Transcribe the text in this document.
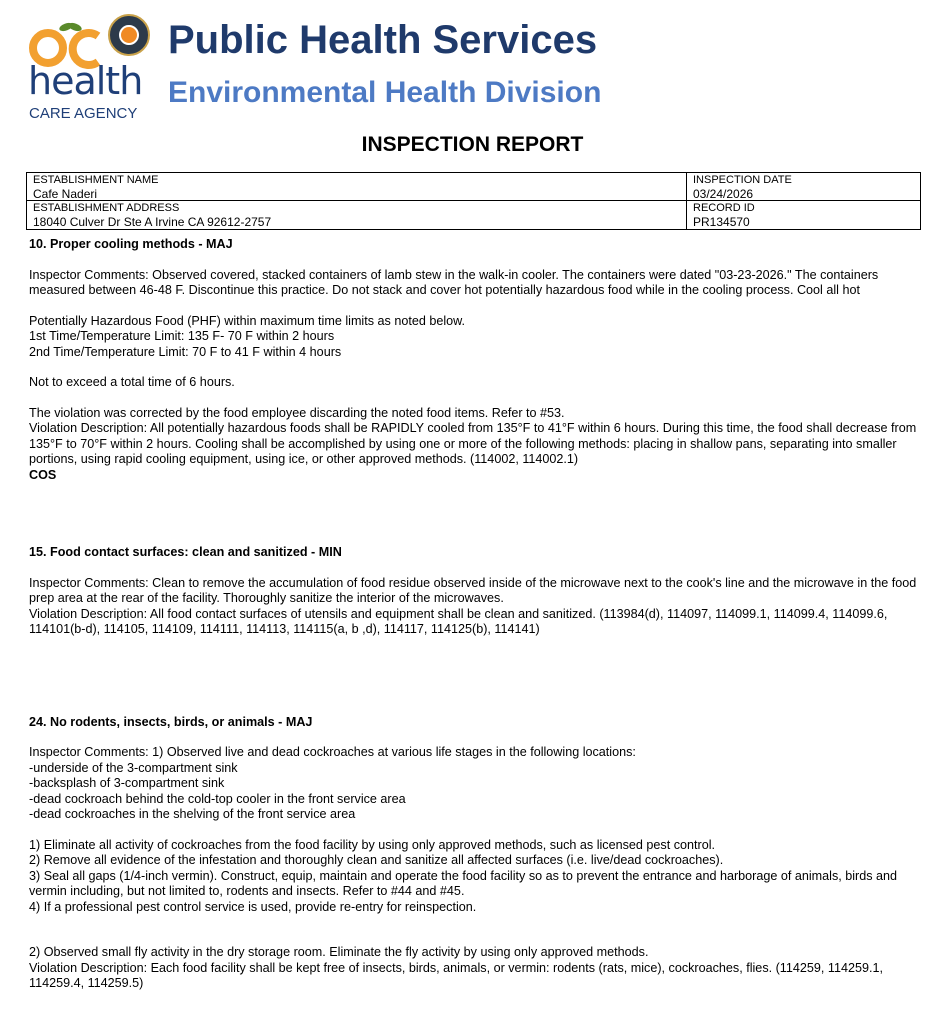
health
CARE AGENCY
Public Health Services
Environmental Health Division
INSPECTION REPORT
ESTABLISHMENT NAME
Cafe Naderi
INSPECTION DATE
03/24/2026
ESTABLISHMENT ADDRESS
18040 Culver Dr Ste A Irvine CA 92612-2757
RECORD ID
PR134570
10. Proper cooling methods - MAJ
Inspector Comments: Observed covered, stacked containers of lamb stew in the walk-in cooler. The containers were dated "03-23-2026." The containers measured between 46-48 F. Discontinue this practice. Do not stack and cover hot potentially hazardous food while in the cooling process. Cool all hot
Potentially Hazardous Food (PHF) within maximum time limits as noted below.
1st Time/Temperature Limit: 135 F- 70 F within 2 hours
2nd Time/Temperature Limit: 70 F to 41 F within 4 hours
Not to exceed a total time of 6 hours.
The violation was corrected by the food employee discarding the noted food items. Refer to #53.
Violation Description: All potentially hazardous foods shall be RAPIDLY cooled from 135°F to 41°F within 6 hours. During this time, the food shall decrease from 135°F to 70°F within 2 hours. Cooling shall be accomplished by using one or more of the following methods: placing in shallow pans, separating into smaller portions, using rapid cooling equipment, using ice, or other approved methods. (114002, 114002.1)
COS
15. Food contact surfaces: clean and sanitized - MIN
Inspector Comments: Clean to remove the accumulation of food residue observed inside of the microwave next to the cook's line and the microwave in the food prep area at the rear of the facility. Thoroughly sanitize the interior of the microwaves.
Violation Description: All food contact surfaces of utensils and equipment shall be clean and sanitized. (113984(d), 114097, 114099.1, 114099.4, 114099.6, 114101(b-d), 114105, 114109, 114111, 114113, 114115(a, b ,d), 114117, 114125(b), 114141)
24. No rodents, insects, birds, or animals - MAJ
Inspector Comments: 1) Observed live and dead cockroaches at various life stages in the following locations:
-underside of the 3-compartment sink
-backsplash of 3-compartment sink
-dead cockroach behind the cold-top cooler in the front service area
-dead cockroaches in the shelving of the front service area
1) Eliminate all activity of cockroaches from the food facility by using only approved methods, such as licensed pest control.
2) Remove all evidence of the infestation and thoroughly clean and sanitize all affected surfaces (i.e. live/dead cockroaches).
3) Seal all gaps (1/4-inch vermin). Construct, equip, maintain and operate the food facility so as to prevent the entrance and harborage of animals, birds and vermin including, but not limited to, rodents and insects. Refer to #44 and #45.
4) If a professional pest control service is used, provide re-entry for reinspection.
2) Observed small fly activity in the dry storage room. Eliminate the fly activity by using only approved methods.
Violation Description: Each food facility shall be kept free of insects, birds, animals, or vermin: rodents (rats, mice), cockroaches, flies. (114259, 114259.1, 114259.4, 114259.5)
